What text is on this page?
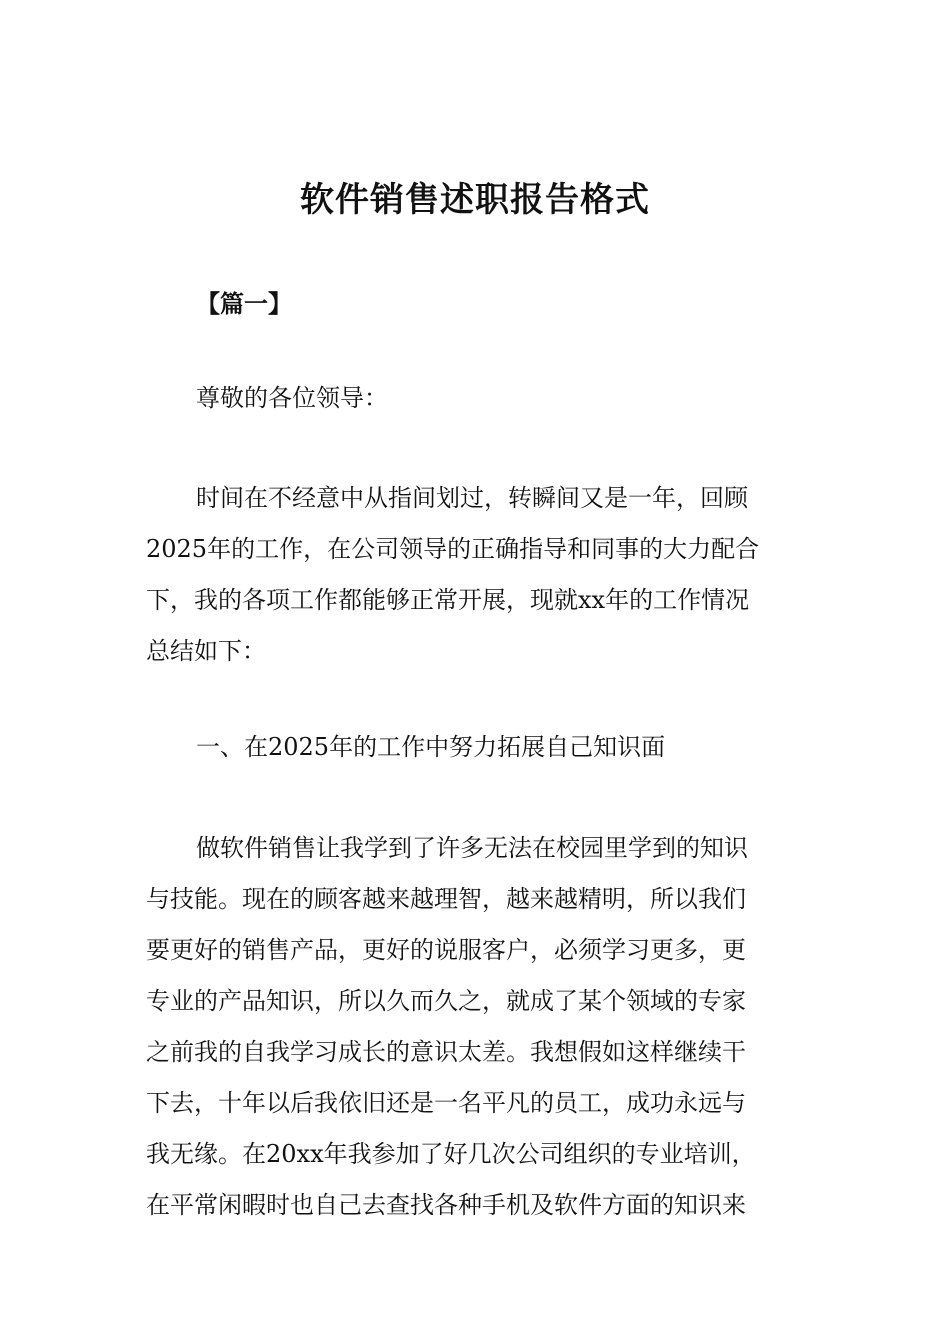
软件销售述职报告格式
【篇一】
尊敬的各位领导：
时间在不经意中从指间划过，转瞬间又是一年，回顾
2025年的工作，在公司领导的正确指导和同事的大力配合
下，我的各项工作都能够正常开展，现就xx年的工作情况
总结如下：
一、在2025年的工作中努力拓展自己知识面
做软件销售让我学到了许多无法在校园里学到的知识
与技能。现在的顾客越来越理智，越来越精明，所以我们
要更好的销售产品，更好的说服客户，必须学习更多，更
专业的产品知识，所以久而久之，就成了某个领域的专家
之前我的自我学习成长的意识太差。我想假如这样继续干
下去，十年以后我依旧还是一名平凡的员工，成功永远与
我无缘。在20xx年我参加了好几次公司组织的专业培训，
在平常闲暇时也自己去查找各种手机及软件方面的知识来
